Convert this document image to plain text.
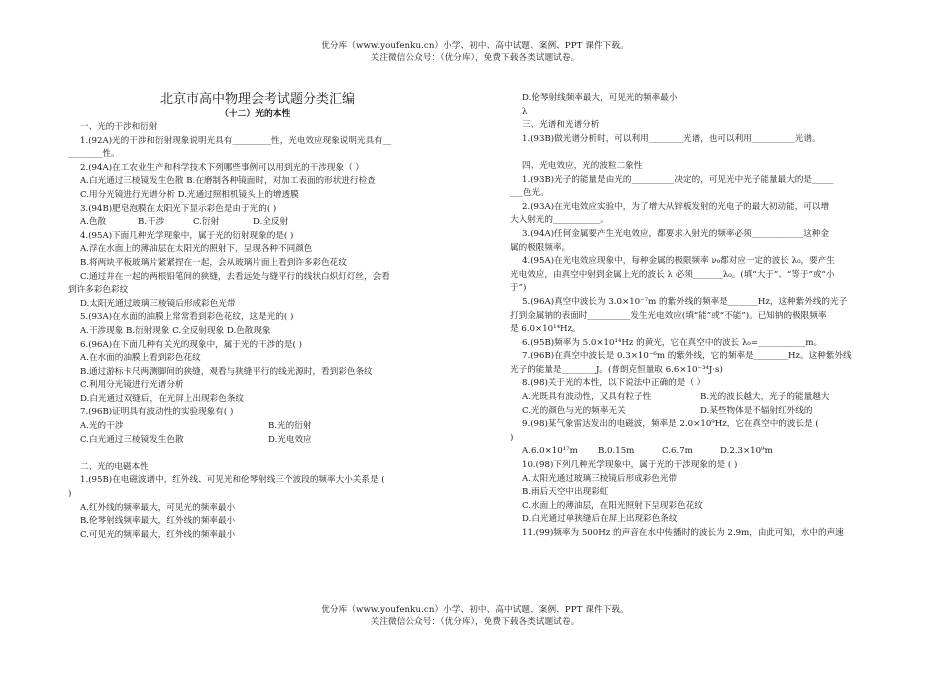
优分库（www.youfenku.cn）小学、初中、高中试题、案例、PPT 课件下载。
关注微信公众号：（优分库），免费下载各类试题试卷。

北京市高中物理会考试题分类汇编

（十二）光的本性

一、光的干涉和衍射

1.(92A)光的干涉和衍射现象说明光具有_________性，光电效应现象说明光具有__

________性。

2.(94A)在工农业生产和科学技术下列哪些事例可以用到光的干涉现象（ ）

A.白光通过三棱镜发生色散 B.在磨制各种镜面时，对加工表面的形状进行检查

C.用分光镜进行光谱分析 D.光通过照相机镜头上的增透膜

3.(94B)肥皂泡膜在太阳光下显示彩色是由于光的( )

A.色散	B.干涉	C.衍射	D.全反射

4.(95A)下面几种光学现象中，属于光的衍射现象的是( )

A.浮在水面上的薄油层在太阳光的照射下，呈现各种不同颜色

B.将两块平板玻璃片紧紧捏在一起，会从玻璃片面上看到许多彩色花纹

C.通过并在一起的两根铅笔间的狭缝，去看远处与缝平行的线状白炽灯灯丝，会看

到许多彩色彩纹

D.太阳光通过玻璃三棱镜后形成彩色光带

5.(93A)在水面的油膜上常常看到彩色花纹，这是光的( )

A.干涉现象 B.衍射现象 C.全反射现象 D.色散现象

6.(96A)在下面几种有关光的现象中，属于光的干涉的是( )

A.在水面的油膜上看到彩色花纹

B.通过游标卡尺两测脚间的狭缝，观看与狭缝平行的线光源时，看到彩色条纹

C.利用分光镜进行光谱分析

D.白光通过双缝后，在光屏上出现彩色条纹

7.(96B)证明具有波动性的实验现象有( )

A.光的干涉	B.光的衍射

C.白光通过三棱镜发生色散	D.光电效应

二、光的电磁本性

1.(95B)在电磁波谱中，红外线、可见光和伦琴射线三个波段的频率大小关系是 (

)

A.红外线的频率最大，可见光的频率最小

B.伦琴射线频率最大，红外线的频率最小

C.可见光的频率最大，红外线的频率最小

D.伦琴射线频率最大，可见光的频率最小

λ

三、光谱和光谱分析

1.(93B)做光谱分析时，可以利用________光谱，也可以利用__________光谱。

四、光电效应，光的波粒二象性

1.(93B)光子的能量是由光的__________决定的，可见光中光子能量最大的是_____

___色光。

2.(93A)在光电效应实验中，为了增大从锌板发射的光电子的最大初动能，可以增

大入射光的___________。

3.(94A)任何金属要产生光电效应，都要求入射光的频率必须____________这种金

属的极限频率。

4.(95A)在光电效应现象中，每种金属的极限频率 ν₀都对应一定的波长 λ₀，要产生

光电效应，由真空中射到金属上光的波长 λ 必须_______λ₀。(填“大于”、“等于”或“小

于”)

5.(96A)真空中波长为 3.0×10⁻⁷m 的紫外线的频率是_______Hz，这种紫外线的光子

打到金属钠的表面时__________发生光电效应(填“能”或“不能”)。已知钠的极限频率

是 6.0×10¹⁴Hz。

6.(95B)频率为 5.0×10¹⁴Hz 的黄光，它在真空中的波长 λ₀=___________m。

7.(96B)在真空中波长是 0.3×10⁻⁶m 的紫外线，它的频率是________Hz。这种紫外线

光子的能量是________J。(普朗克恒量取 6.6×10⁻³⁴J·s)

8.(98)关于光的本性，以下说法中正确的是（ ）

A.光既具有波动性，又具有粒子性	B.光的波长越大，光子的能量越大

C.光的颜色与光的频率无关	D.某些物体是不辐射红外线的

9.(98)某气象雷达发出的电磁波，频率是 2.0×10⁹Hz，它在真空中的波长是 (

)

A.6.0×10¹⁷m	B.0.15m	C.6.7m	D.2.3×10⁹m

10.(98)下列几种光学现象中，属于光的干涉现象的是 ( )

A.太阳光通过玻璃三棱镜后形成彩色光带

B.雨后天空中出现彩虹

C.水面上的薄油层，在阳光照射下呈现彩色花纹

D.白光通过单狭缝后在屏上出现彩色条纹

11.(99)频率为 500Hz 的声音在水中传播时的波长为 2.9m，由此可知，水中的声速

优分库（www.youfenku.cn）小学、初中、高中试题、案例、PPT 课件下载。
关注微信公众号：（优分库），免费下载各类试题试卷。
